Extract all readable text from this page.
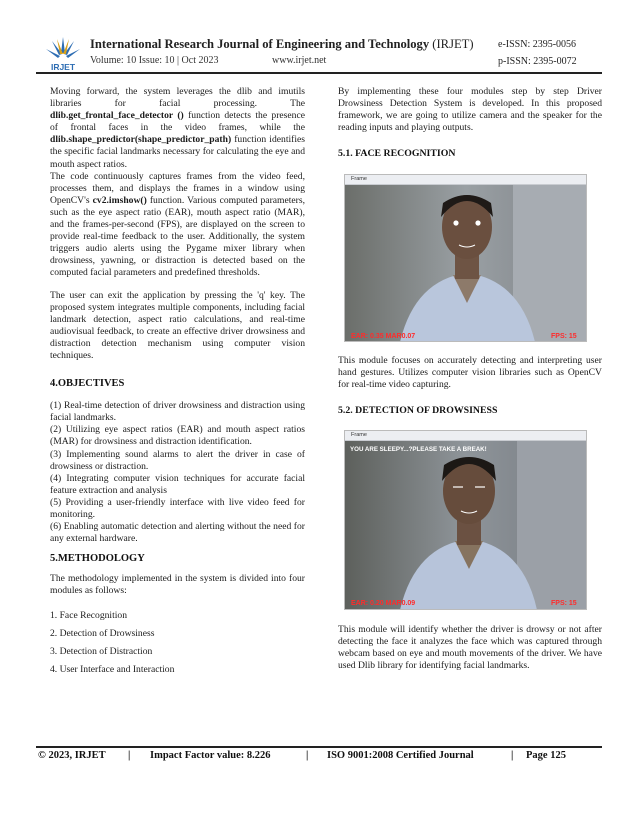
IRJET
International Research Journal of Engineering and Technology (IRJET)
Volume: 10 Issue: 10 | Oct 2023	www.irjet.net
e-ISSN: 2395-0056
p-ISSN: 2395-0072

Moving forward, the system leverages the dlib and imutils libraries for facial processing. The dlib.get_frontal_face_detector () function detects the presence of frontal faces in the video frames, while the dlib.shape_predictor(shape_predictor_path) function identifies the specific facial landmarks necessary for calculating the eye and mouth aspect ratios.

The code continuously captures frames from the video feed, processes them, and displays the frames in a window using OpenCV's cv2.imshow() function. Various computed parameters, such as the eye aspect ratio (EAR), mouth aspect ratio (MAR), and the frames-per-second (FPS), are displayed on the screen to provide real-time feedback to the user. Additionally, the system triggers audio alerts using the Pygame mixer library when drowsiness, yawning, or distraction is detected based on the computed facial parameters and predefined thresholds.

The user can exit the application by pressing the 'q' key. The proposed system integrates multiple components, including facial landmark detection, aspect ratio calculations, and real-time audiovisual feedback, to create an effective driver drowsiness and distraction detection mechanism using computer vision techniques.

4.OBJECTIVES

(1) Real-time detection of driver drowsiness and distraction using facial landmarks.

(2) Utilizing eye aspect ratios (EAR) and mouth aspect ratios (MAR) for drowsiness and distraction identification.

(3) Implementing sound alarms to alert the driver in case of drowsiness or distraction.

(4) Integrating computer vision techniques for accurate facial feature extraction and analysis

(5) Providing a user-friendly interface with live video feed for monitoring.

(6) Enabling automatic detection and alerting without the need for any external hardware.

5.METHODOLOGY

The methodology implemented in the system is divided into four modules as follows:

1. Face Recognition

2. Detection of Drowsiness

3. Detection of Distraction

4. User Interface and Interaction

By implementing these four modules step by step Driver Drowsiness Detection System is developed. In this proposed framework, we are going to utilize camera and the speaker for the reading inputs and playing outputs.

5.1. FACE RECOGNITION
Frame
EAR: 0.35 MAR0.07	FPS: 15

This module focuses on accurately detecting and interpreting user hand gestures. Utilizes computer vision libraries such as OpenCV for real-time video capturing.

5.2. DETECTION OF DROWSINESS
Frame
YOU ARE SLEEPY...?PLEASE TAKE A BREAK!
EAR: 0.20 MAR0.09	FPS: 15

This module will identify whether the driver is drowsy or not after detecting the face it analyzes the face which was captured through webcam based on eye and mouth movements of the driver. We have used Dlib library for identifying facial landmarks.

© 2023, IRJET | Impact Factor value: 8.226	| ISO 9001:2008 Certified Journal	| Page 125
